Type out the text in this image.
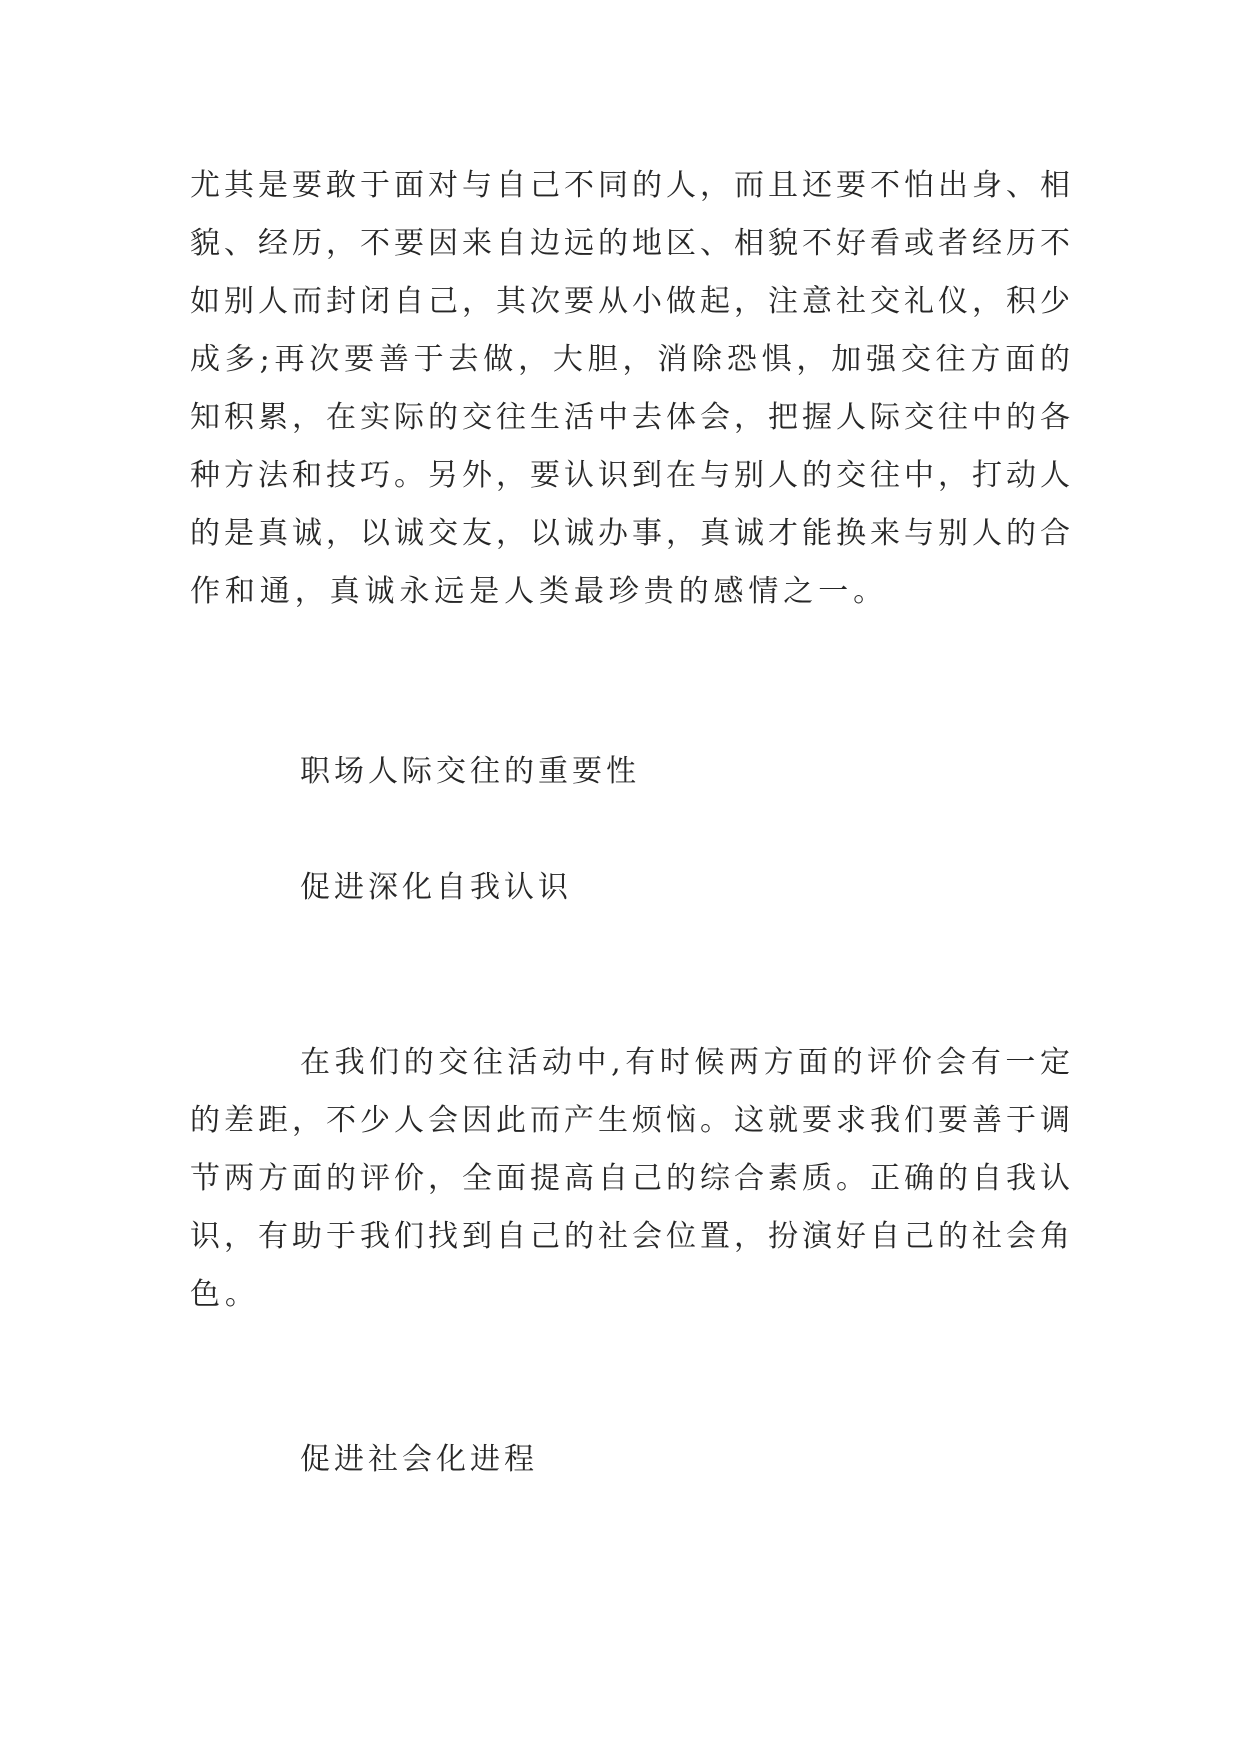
尤其是要敢于面对与自己不同的人，而且还要不怕出身、相
貌、经历，不要因来自边远的地区、相貌不好看或者经历不
如别人而封闭自己，其次要从小做起，注意社交礼仪，积少
成多;再次要善于去做，大胆，消除恐惧，加强交往方面的
知积累，在实际的交往生活中去体会，把握人际交往中的各
种方法和技巧。另外，要认识到在与别人的交往中，打动人
的是真诚，以诚交友，以诚办事，真诚才能换来与别人的合
作和通，真诚永远是人类最珍贵的感情之一。

职场人际交往的重要性

促进深化自我认识

在我们的交往活动中,有时候两方面的评价会有一定
的差距，不少人会因此而产生烦恼。这就要求我们要善于调
节两方面的评价，全面提高自己的综合素质。正确的自我认
识，有助于我们找到自己的社会位置，扮演好自己的社会角
色。

促进社会化进程
